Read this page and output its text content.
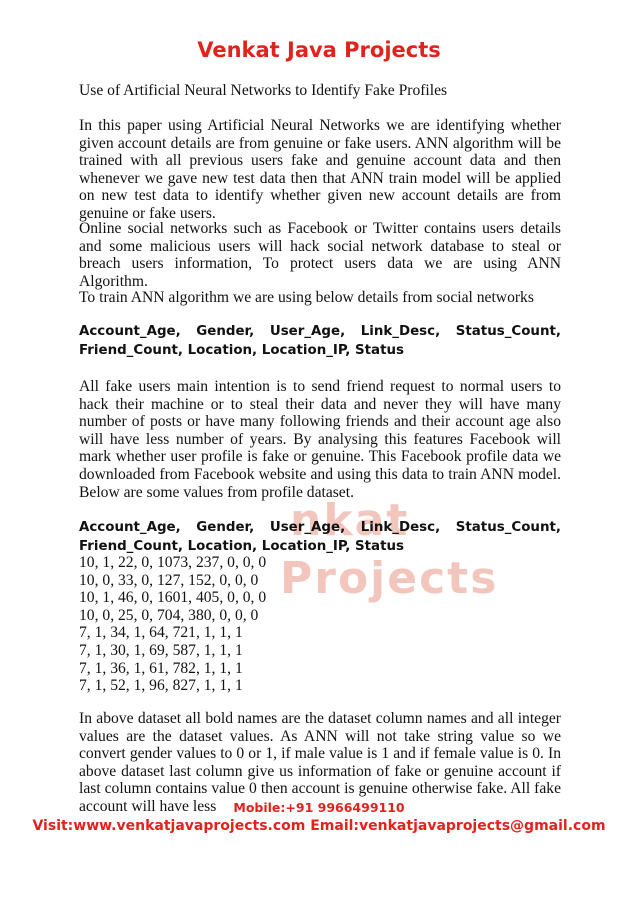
nkat
Projects
Venkat Java Projects
Use of Artificial Neural Networks to Identify Fake Profiles
In this paper using Artificial Neural Networks we are identifying whether given account details are from genuine or fake users. ANN algorithm will be trained with all previous users fake and genuine account data and then whenever we gave new test data then that ANN train model will be applied on new test data to identify whether given new account details are from genuine or fake users.
Online social networks such as Facebook or Twitter contains users details and some malicious users will hack social network database to steal or breach users information, To protect users data we are using ANN Algorithm.
To train ANN algorithm we are using below details from social networks
Account_Age, Gender, User_Age, Link_Desc, Status_Count, Friend_Count, Location, Location_IP, Status
All fake users main intention is to send friend request to normal users to hack their machine or to steal their data and never they will have many number of posts or have many following friends and their account age also will have less number of years. By analysing this features Facebook will mark whether user profile is fake or genuine. This Facebook profile data we downloaded from Facebook website and using this data to train ANN model. Below are some values from profile dataset.
Account_Age, Gender, User_Age, Link_Desc, Status_Count, Friend_Count, Location, Location_IP, Status
10, 1, 22, 0, 1073, 237, 0, 0, 0
10, 0, 33, 0, 127, 152, 0, 0, 0
10, 1, 46, 0, 1601, 405, 0, 0, 0
10, 0, 25, 0, 704, 380, 0, 0, 0
7, 1, 34, 1, 64, 721, 1, 1, 1
7, 1, 30, 1, 69, 587, 1, 1, 1
7, 1, 36, 1, 61, 782, 1, 1, 1
7, 1, 52, 1, 96, 827, 1, 1, 1
In above dataset all bold names are the dataset column names and all integer values are the dataset values. As ANN will not take string value so we convert gender values to 0 or 1, if male value is 1 and if female value is 0. In above dataset last column give us information of fake or genuine account if last column contains value 0 then account is genuine otherwise fake. All fake account will have less	Mobile:+91 9966499110
Visit:www.venkatjavaprojects.com Email:venkatjavaprojects@gmail.com
